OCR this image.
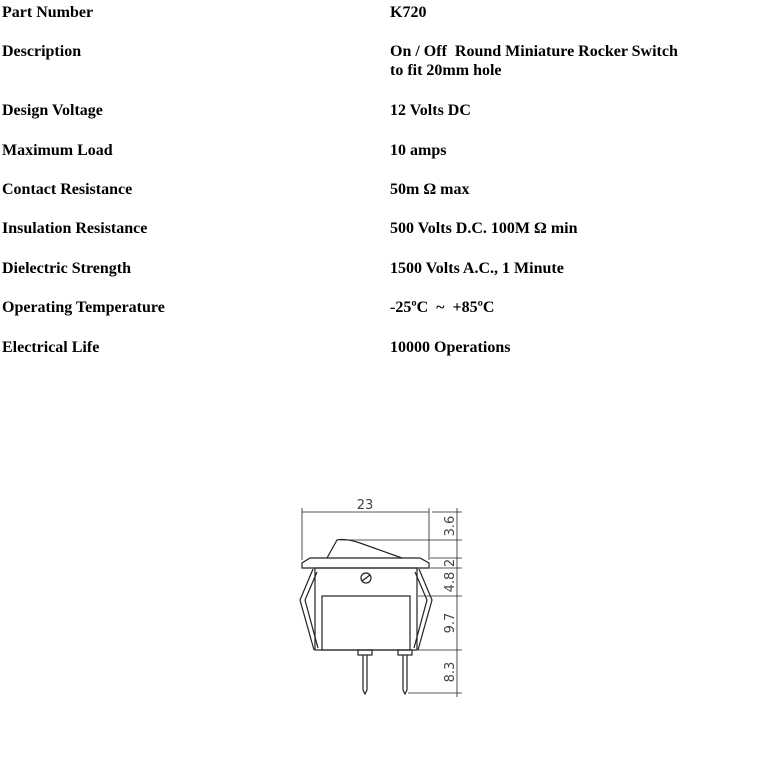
Part Number	K720
Description	On / Off  Round Miniature Rocker Switch
to fit 20mm hole
Design Voltage	12 Volts DC
Maximum Load	10 amps
Contact Resistance	50m Ω max
Insulation Resistance	500 Volts D.C. 100M Ω min
Dielectric Strength	1500 Volts A.C., 1 Minute
Operating Temperature	-25ºC  ~  +85ºC
Electrical Life	10000 Operations
23
3.6
2
4.8
9.7
8.3
